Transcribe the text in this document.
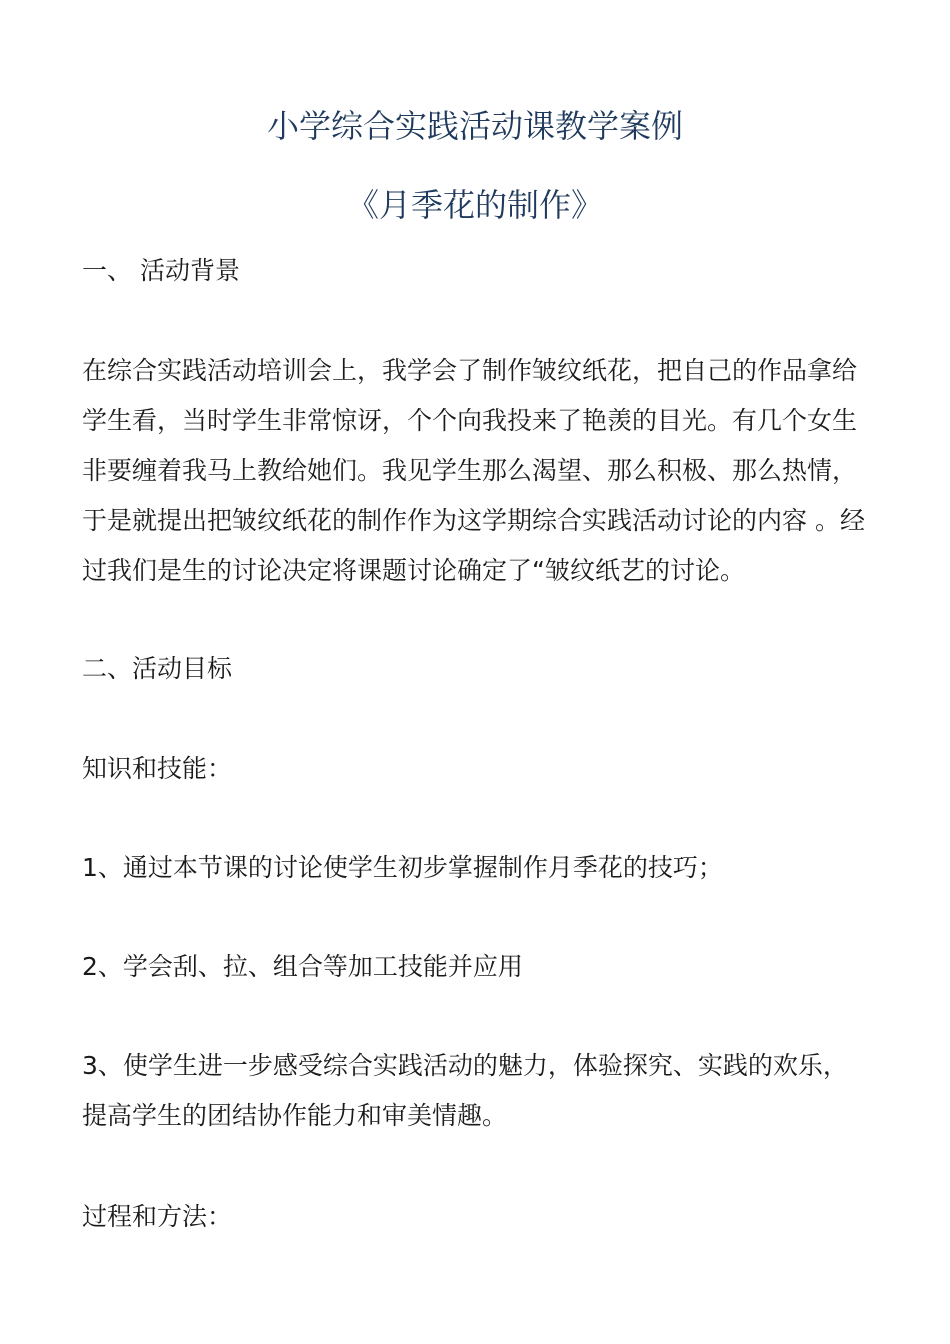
小学综合实践活动课教学案例
《月季花的制作》
一、 活动背景
在综合实践活动培训会上，我学会了制作皱纹纸花，把自己的作品拿给
学生看，当时学生非常惊讶，个个向我投来了艳羡的目光。有几个女生
非要缠着我马上教给她们。我见学生那么渴望、那么积极、那么热情，
于是就提出把皱纹纸花的制作作为这学期综合实践活动讨论的内容 。经
过我们是生的讨论决定将课题讨论确定了“皱纹纸艺的讨论。
二、活动目标
知识和技能：
1、通过本节课的讨论使学生初步掌握制作月季花的技巧；
2、学会刮、拉、组合等加工技能并应用
3、使学生进一步感受综合实践活动的魅力，体验探究、实践的欢乐，
提高学生的团结协作能力和审美情趣。
过程和方法：
